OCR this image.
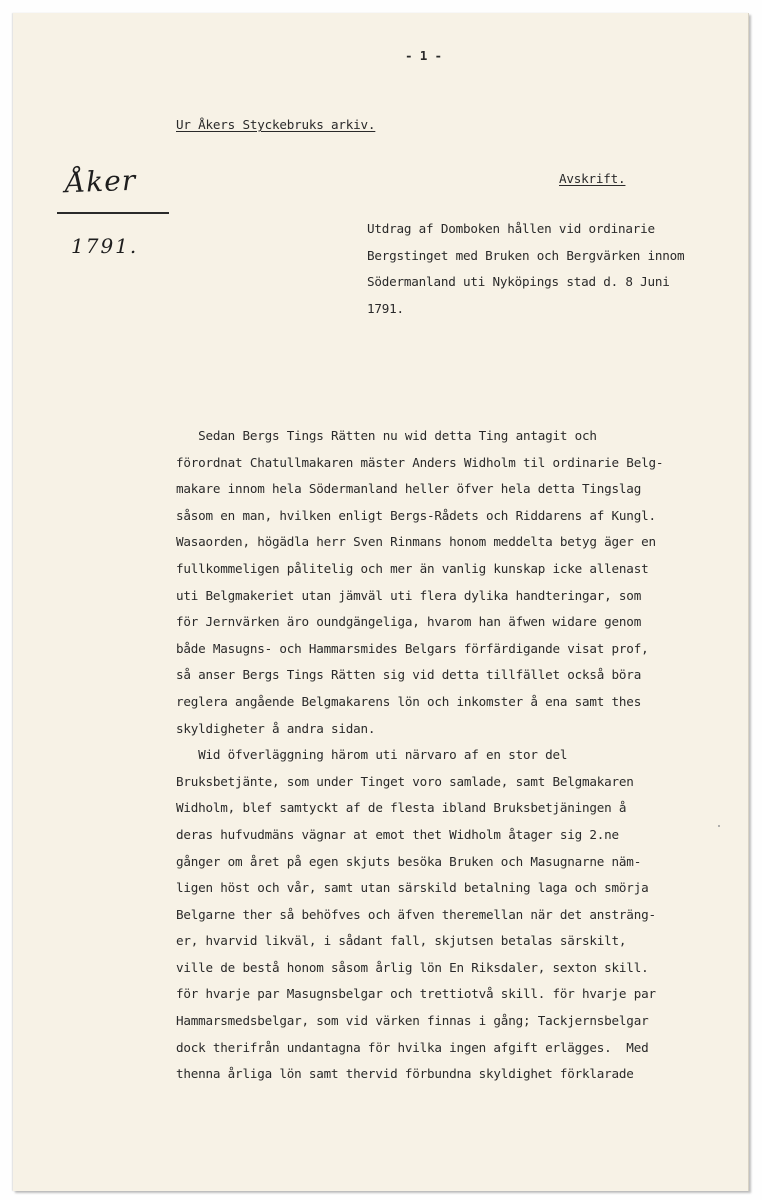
- 1 -
Ur Åkers Styckebruks arkiv.
Åker
1791.
Avskrift.
Utdrag af Domboken hållen vid ordinarie
Bergstinget med Bruken och Bergvärken innom
Södermanland uti Nyköpings stad d. 8 Juni
1791.
Sedan Bergs Tings Rätten nu wid detta Ting antagit och
förordnat Chatullmakaren mäster Anders Widholm til ordinarie Belg-
makare innom hela Södermanland heller öfver hela detta Tingslag
såsom en man, hvilken enligt Bergs-Rådets och Riddarens af Kungl.
Wasaorden, högädla herr Sven Rinmans honom meddelta betyg äger en
fullkommeligen pålitelig och mer än vanlig kunskap icke allenast
uti Belgmakeriet utan jämväl uti flera dylika handteringar, som
för Jernvärken äro oundgängeliga, hvarom han äfwen widare genom
både Masugns- och Hammarsmides Belgars förfärdigande visat prof,
så anser Bergs Tings Rätten sig vid detta tillfället också böra
reglera angående Belgmakarens lön och inkomster å ena samt thes
skyldigheter å andra sidan.
Wid öfverläggning härom uti närvaro af en stor del
Bruksbetjänte, som under Tinget voro samlade, samt Belgmakaren
Widholm, blef samtyckt af de flesta ibland Bruksbetjäningen å
deras hufvudmäns vägnar at emot thet Widholm åtager sig 2.ne
gånger om året på egen skjuts besöka Bruken och Masugnarne näm-
ligen höst och vår, samt utan särskild betalning laga och smörja
Belgarne ther så behöfves och äfven theremellan när det ansträng-
er, hvarvid likväl, i sådant fall, skjutsen betalas särskilt,
ville de bestå honom såsom årlig lön En Riksdaler, sexton skill.
för hvarje par Masugnsbelgar och trettiotvå skill. för hvarje par
Hammarsmedsbelgar, som vid värken finnas i gång; Tackjernsbelgar
dock therifrån undantagna för hvilka ingen afgift erlägges.  Med
thenna årliga lön samt thervid förbundna skyldighet förklarade
